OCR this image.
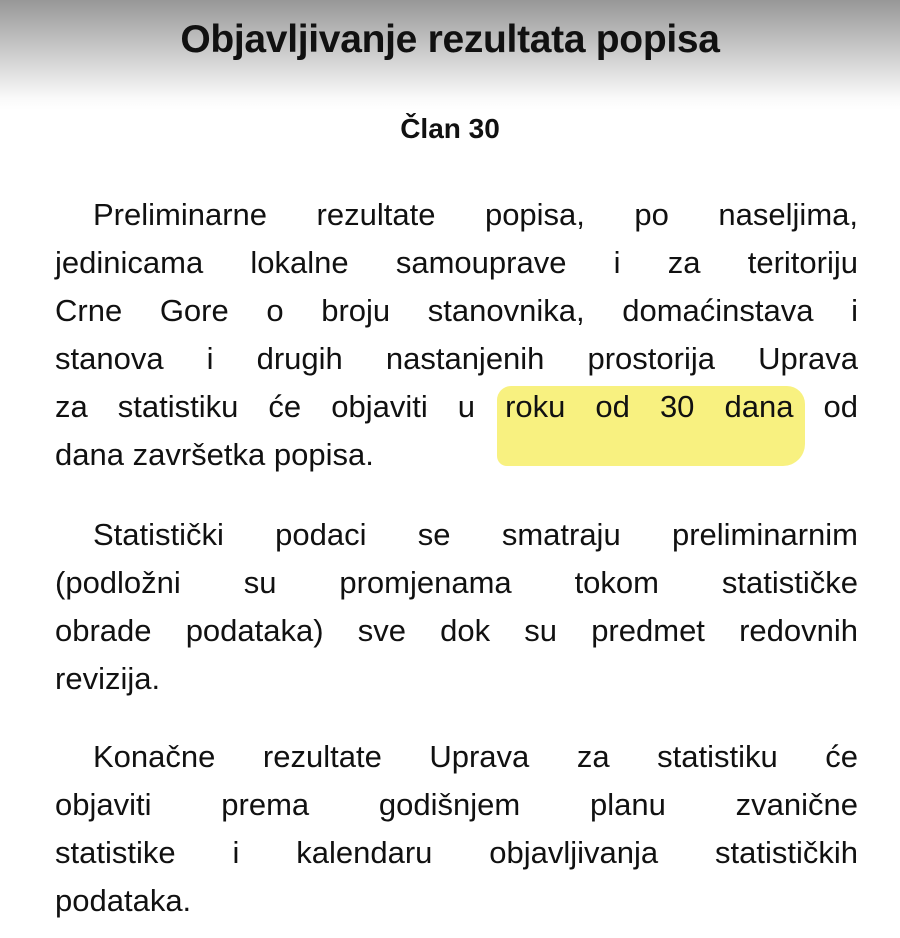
Objavljivanje rezultata popisa
Član 30
Preliminarne rezultate popisa, po naseljima,
jedinicama lokalne samouprave i za teritoriju
Crne Gore o broju stanovnika, domaćinstava i
stanova i drugih nastanjenih prostorija Uprava
za statistiku će objaviti u roku od 30 dana od
dana završetka popisa.
Statistički podaci se smatraju preliminarnim
(podložni su promjenama tokom statističke
obrade podataka) sve dok su predmet redovnih
revizija.
Konačne rezultate Uprava za statistiku će
objaviti prema godišnjem planu zvanične
statistike i kalendaru objavljivanja statističkih
podataka.
